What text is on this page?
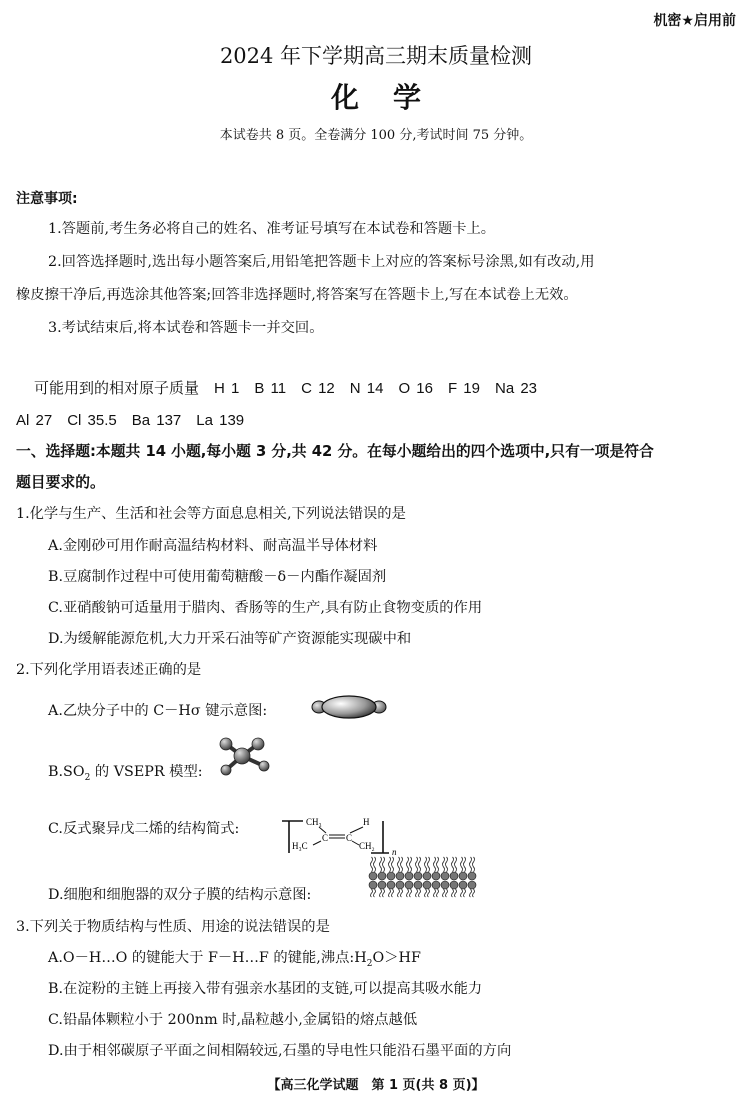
机密★启用前
2024 年下学期高三期末质量检测
化学
本试卷共 8 页。全卷满分 100 分,考试时间 75 分钟。
注意事项:
1.答题前,考生务必将自己的姓名、准考证号填写在本试卷和答题卡上。
2.回答选择题时,选出每小题答案后,用铅笔把答题卡上对应的答案标号涂黑,如有改动,用
橡皮擦干净后,再选涂其他答案;回答非选择题时,将答案写在答题卡上,写在本试卷上无效。
3.考试结束后,将本试卷和答题卡一并交回。
可能用到的相对原子质量　H 1　B 11　C 12　N 14　O 16　F 19　Na 23
Al 27　Cl 35.5　Ba 137　La 139
一、选择题:本题共 14 小题,每小题 3 分,共 42 分。在每小题给出的四个选项中,只有一项是符合
题目要求的。
1.化学与生产、生活和社会等方面息息相关,下列说法错误的是
A.金刚砂可用作耐高温结构材料、耐高温半导体材料
B.豆腐制作过程中可使用葡萄糖酸－δ－内酯作凝固剂
C.亚硝酸钠可适量用于腊肉、香肠等的生产,具有防止食物变质的作用
D.为缓解能源危机,大力开采石油等矿产资源能实现碳中和
2.下列化学用语表述正确的是
A.乙炔分子中的 C－Hσ 键示意图:
$B.SO_2$ 的 VSEPR 模型:
C.反式聚异戊二烯的结构简式:	CH₃	H
H₃C
C C
CH₂
n
D.细胞和细胞器的双分子膜的结构示意图:
3.下列关于物质结构与性质、用途的说法错误的是
A.O－H…O 的键能大于 F－H…F 的键能,沸点$:H_2O>HF$
B.在淀粉的主链上再接入带有强亲水基团的支链,可以提高其吸水能力
C.铅晶体颗粒小于 200nm 时,晶粒越小,金属铅的熔点越低
D.由于相邻碳原子平面之间相隔较远,石墨的导电性只能沿石墨平面的方向
【高三化学试题　第 1 页(共 8 页)】
